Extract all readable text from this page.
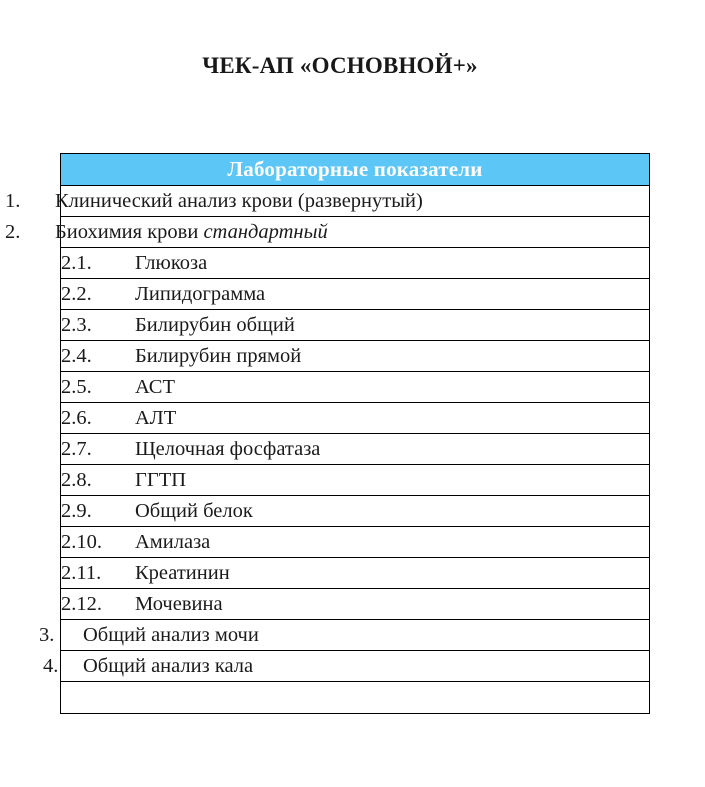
ЧЕК-АП «ОСНОВНОЙ+»
Лабораторные показатели
1. Клинический анализ крови (развернутый)
2. Биохимия крови стандартный

2.1.	Глюкоза

2.2.	Липидограмма

2.3.	Билирубин общий

2.4.	Билирубин прямой

2.5.	АСТ

2.6.	АЛТ

2.7.	Щелочная фосфатаза

2.8.	ГГТП

2.9.	Общий белок

2.10.	Амилаза

2.11.	Креатинин

2.12.	Мочевина

3. Общий анализ мочи
4. Общий анализ кала
